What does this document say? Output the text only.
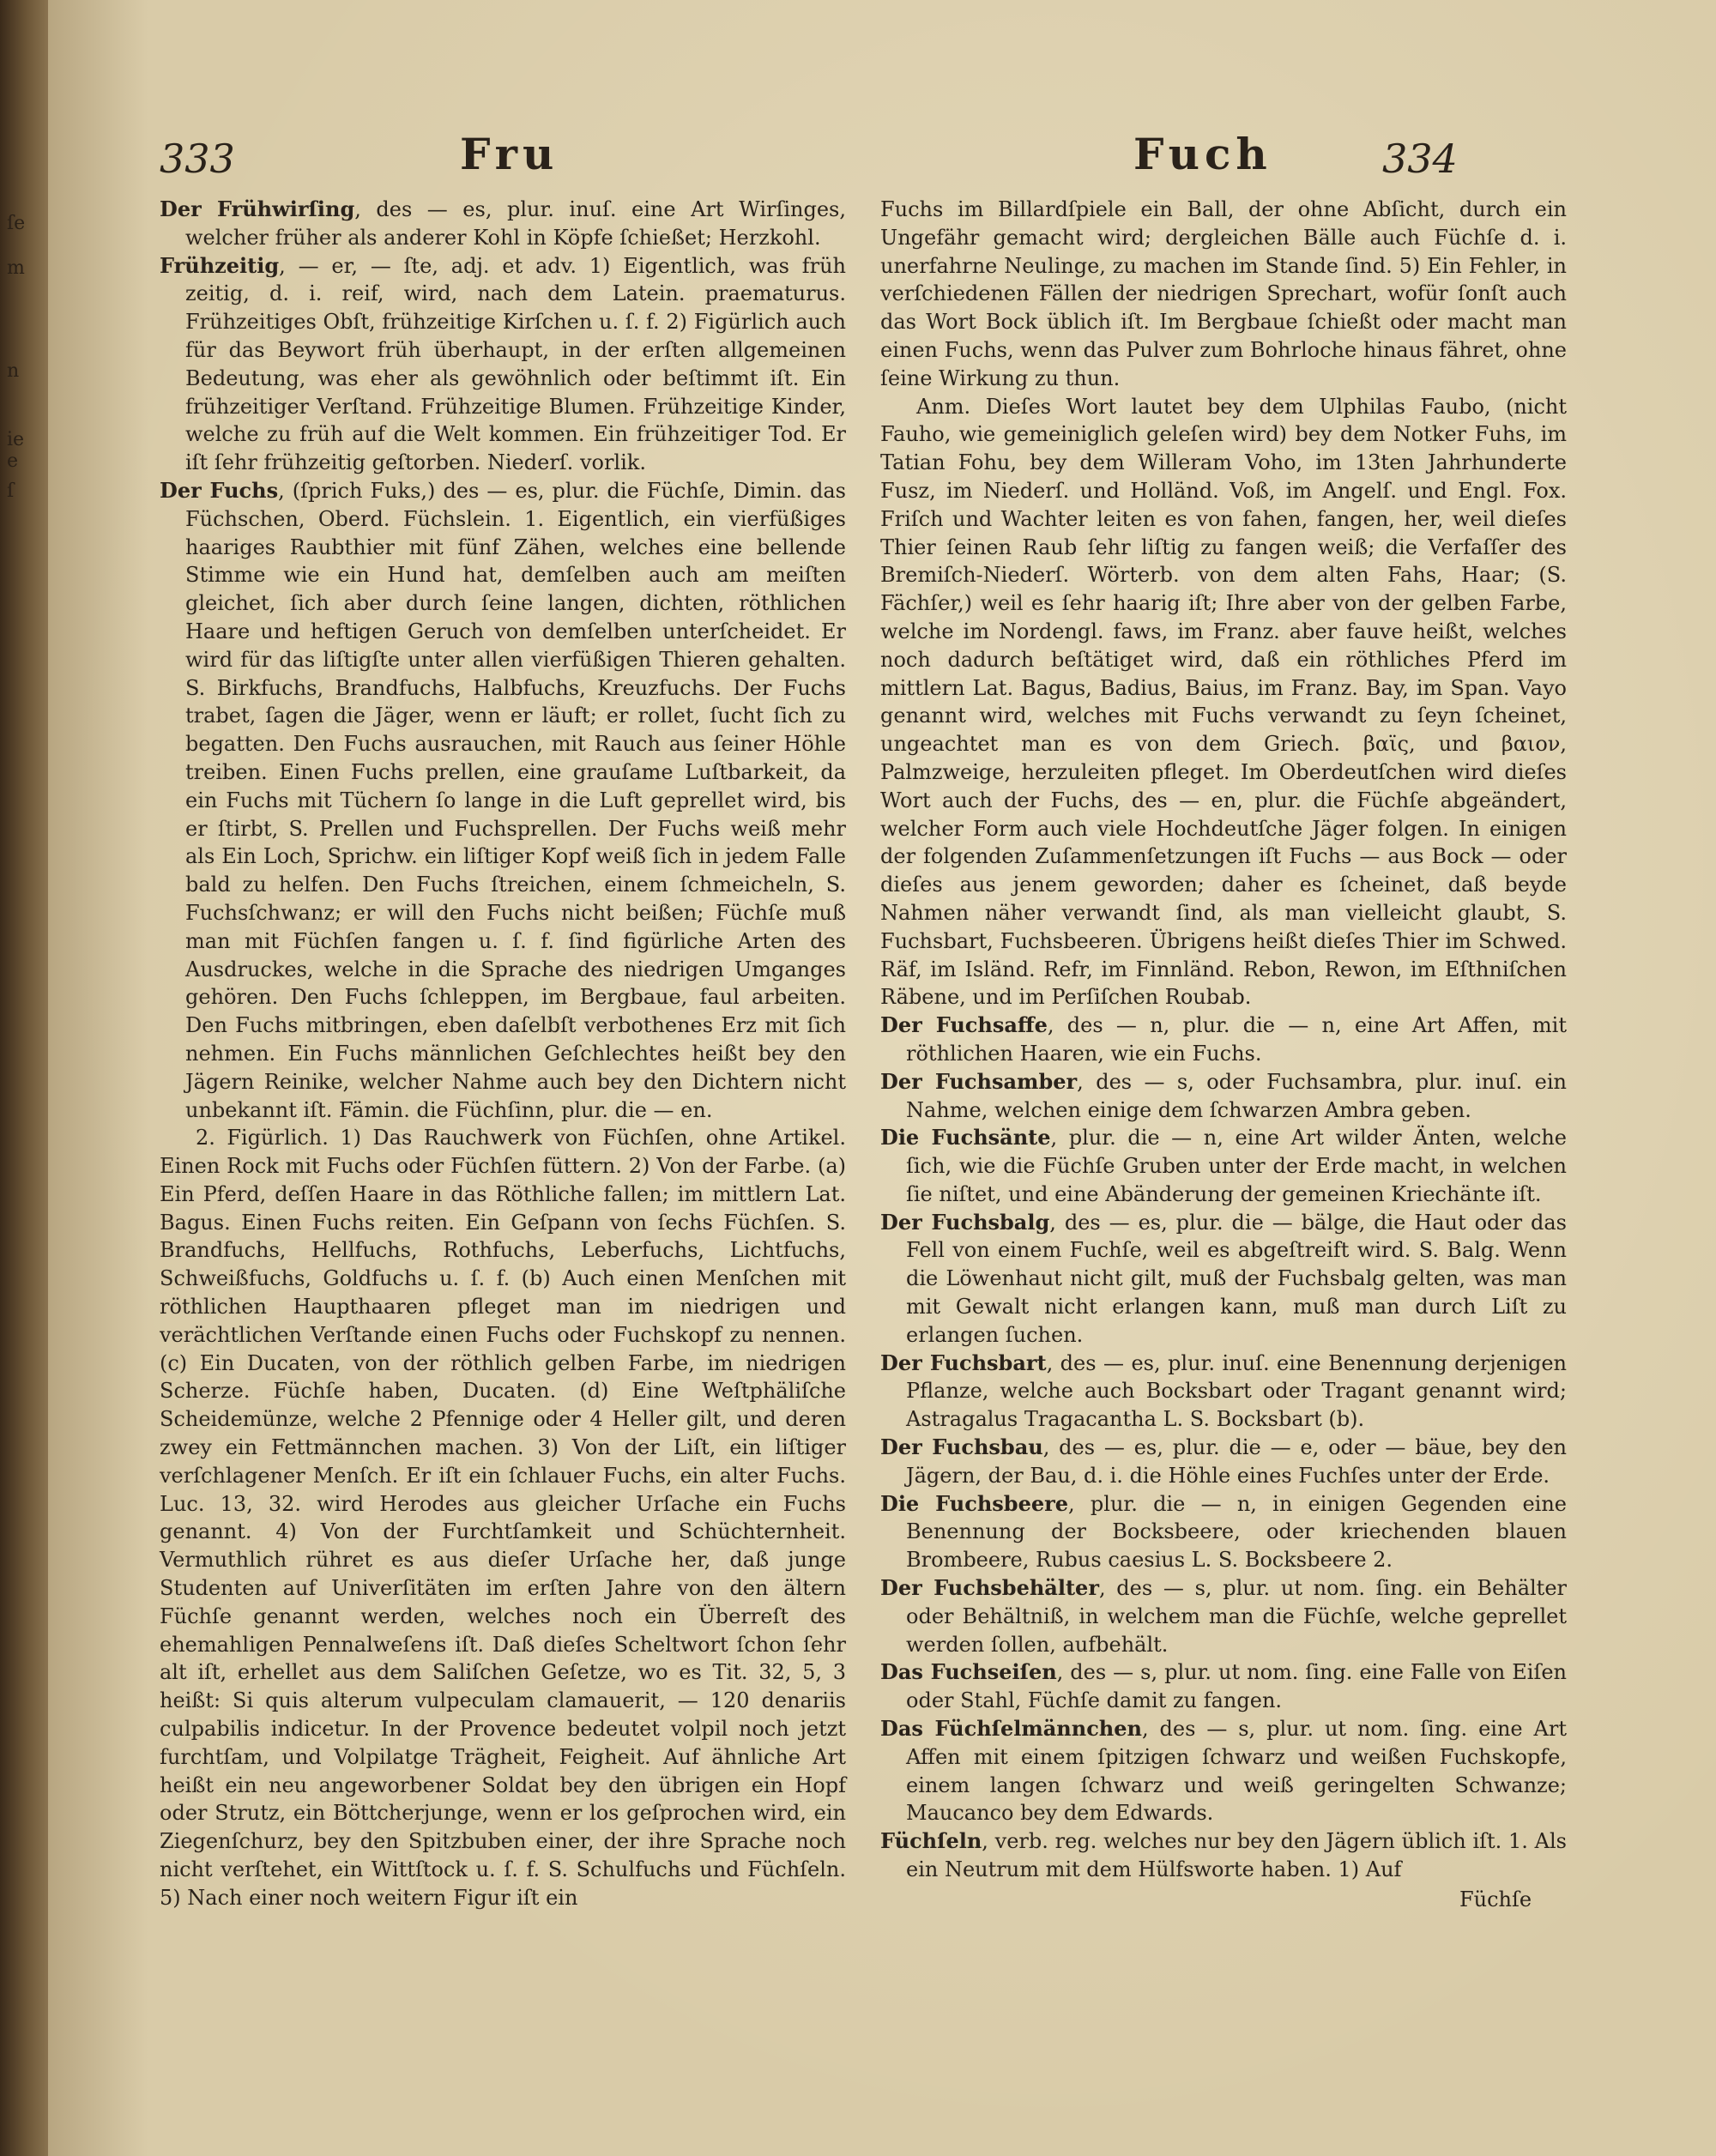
ſe
m
n
ie
e
ſ
333	Fru	Fuch	334

Der Frühwirſing, des — es, plur. inuſ. eine Art Wirſinges, welcher früher als anderer Kohl in Köpfe ſchießet; Herzkohl.

Frühzeitig, — er, — ſte, adj. et adv. 1) Eigentlich, was früh zeitig, d. i. reif, wird, nach dem Latein. praematurus. Frühzeitiges Obſt, frühzeitige Kirſchen u. ſ. f. 2) Figürlich auch für das Beywort früh überhaupt, in der erſten allgemeinen Bedeutung, was eher als gewöhnlich oder beſtimmt iſt. Ein frühzeitiger Verſtand. Frühzeitige Blumen. Frühzeitige Kinder, welche zu früh auf die Welt kommen. Ein frühzeitiger Tod. Er iſt ſehr frühzeitig geſtorben. Niederſ. vorlik.

Der Fuchs, (ſprich Fuks,) des — es, plur. die Füchſe, Dimin. das Füchschen, Oberd. Füchslein. 1. Eigentlich, ein vierfüßiges haariges Raubthier mit fünf Zähen, welches eine bellende Stimme wie ein Hund hat, demſelben auch am meiſten gleichet, ſich aber durch ſeine langen, dichten, röthlichen Haare und heftigen Geruch von demſelben unterſcheidet. Er wird für das liſtigſte unter allen vierfüßigen Thieren gehalten. S. Birkfuchs, Brandfuchs, Halbfuchs, Kreuzfuchs. Der Fuchs trabet, ſagen die Jäger, wenn er läuft; er rollet, ſucht ſich zu begatten. Den Fuchs ausrauchen, mit Rauch aus ſeiner Höhle treiben. Einen Fuchs prellen, eine grauſame Luſtbarkeit, da ein Fuchs mit Tüchern ſo lange in die Luft geprellet wird, bis er ſtirbt, S. Prellen und Fuchsprellen. Der Fuchs weiß mehr als Ein Loch, Sprichw. ein liſtiger Kopf weiß ſich in jedem Falle bald zu helfen. Den Fuchs ſtreichen, einem ſchmeicheln, S. Fuchsſchwanz; er will den Fuchs nicht beißen; Füchſe muß man mit Füchſen fangen u. ſ. f. ſind figürliche Arten des Ausdruckes, welche in die Sprache des niedrigen Umganges gehören. Den Fuchs ſchleppen, im Bergbaue, faul arbeiten. Den Fuchs mitbringen, eben daſelbſt verbothenes Erz mit ſich nehmen. Ein Fuchs männlichen Geſchlechtes heißt bey den Jägern Reinike, welcher Nahme auch bey den Dichtern nicht unbekannt iſt. Fämin. die Füchſinn, plur. die — en.

2. Figürlich. 1) Das Rauchwerk von Füchſen, ohne Artikel. Einen Rock mit Fuchs oder Füchſen füttern. 2) Von der Farbe. (a) Ein Pferd, deſſen Haare in das Röthliche fallen; im mittlern Lat. Bagus. Einen Fuchs reiten. Ein Geſpann von ſechs Füchſen. S. Brandfuchs, Hellfuchs, Rothfuchs, Leberfuchs, Lichtfuchs, Schweißfuchs, Goldfuchs u. ſ. f. (b) Auch einen Menſchen mit röthlichen Haupthaaren pfleget man im niedrigen und verächtlichen Verſtande einen Fuchs oder Fuchskopf zu nennen. (c) Ein Ducaten, von der röthlich gelben Farbe, im niedrigen Scherze. Füchſe haben, Ducaten. (d) Eine Weſtphäliſche Scheidemünze, welche 2 Pfennige oder 4 Heller gilt, und deren zwey ein Fettmännchen machen. 3) Von der Liſt, ein liſtiger verſchlagener Menſch. Er iſt ein ſchlauer Fuchs, ein alter Fuchs. Luc. 13, 32. wird Herodes aus gleicher Urſache ein Fuchs genannt. 4) Von der Furchtſamkeit und Schüchternheit. Vermuthlich rühret es aus dieſer Urſache her, daß junge Studenten auf Univerſitäten im erſten Jahre von den ältern Füchſe genannt werden, welches noch ein Überreſt des ehemahligen Pennalweſens iſt. Daß dieſes Scheltwort ſchon ſehr alt iſt, erhellet aus dem Saliſchen Geſetze, wo es Tit. 32, 5, 3 heißt: Si quis alterum vulpeculam clamauerit, — 120 denariis culpabilis indicetur. In der Provence bedeutet volpil noch jetzt furchtſam, und Volpilatge Trägheit, Feigheit. Auf ähnliche Art heißt ein neu angeworbener Soldat bey den übrigen ein Hopf oder Strutz, ein Böttcherjunge, wenn er los geſprochen wird, ein Ziegenſchurz, bey den Spitzbuben einer, der ihre Sprache noch nicht verſtehet, ein Wittſtock u. ſ. f. S. Schulfuchs und Füchſeln. 5) Nach einer noch weitern Figur iſt ein

Fuchs im Billardſpiele ein Ball, der ohne Abſicht, durch ein Ungefähr gemacht wird; dergleichen Bälle auch Füchſe d. i. unerfahrne Neulinge, zu machen im Stande ſind. 5) Ein Fehler, in verſchiedenen Fällen der niedrigen Sprechart, wofür ſonſt auch das Wort Bock üblich iſt. Im Bergbaue ſchießt oder macht man einen Fuchs, wenn das Pulver zum Bohrloche hinaus fähret, ohne ſeine Wirkung zu thun.

Anm. Dieſes Wort lautet bey dem Ulphilas Faubo, (nicht Fauho, wie gemeiniglich geleſen wird) bey dem Notker Fuhs, im Tatian Fohu, bey dem Willeram Voho, im 13ten Jahrhunderte Fusz, im Niederſ. und Holländ. Voß, im Angelſ. und Engl. Fox. Friſch und Wachter leiten es von fahen, fangen, her, weil dieſes Thier ſeinen Raub ſehr liſtig zu fangen weiß; die Verfaſſer des Bremiſch-Niederſ. Wörterb. von dem alten Fahs, Haar; (S. Fächſer,) weil es ſehr haarig iſt; Ihre aber von der gelben Farbe, welche im Nordengl. faws, im Franz. aber fauve heißt, welches noch dadurch beſtätiget wird, daß ein röthliches Pferd im mittlern Lat. Bagus, Badius, Baius, im Franz. Bay, im Span. Vayo genannt wird, welches mit Fuchs verwandt zu ſeyn ſcheinet, ungeachtet man es von dem Griech. βαϊς, und βαιον, Palmzweige, herzuleiten pfleget. Im Oberdeutſchen wird dieſes Wort auch der Fuchs, des — en, plur. die Füchſe abgeändert, welcher Form auch viele Hochdeutſche Jäger folgen. In einigen der folgenden Zuſammenſetzungen iſt Fuchs — aus Bock — oder dieſes aus jenem geworden; daher es ſcheinet, daß beyde Nahmen näher verwandt ſind, als man vielleicht glaubt, S. Fuchsbart, Fuchsbeeren. Übrigens heißt dieſes Thier im Schwed. Räf, im Isländ. Refr, im Finnländ. Rebon, Rewon, im Eſthniſchen Räbene, und im Perſiſchen Roubab.

Der Fuchsaffe, des — n, plur. die — n, eine Art Affen, mit röthlichen Haaren, wie ein Fuchs.

Der Fuchsamber, des — s, oder Fuchsambra, plur. inuſ. ein Nahme, welchen einige dem ſchwarzen Ambra geben.

Die Fuchsänte, plur. die — n, eine Art wilder Änten, welche ſich, wie die Füchſe Gruben unter der Erde macht, in welchen ſie niſtet, und eine Abänderung der gemeinen Kriechänte iſt.

Der Fuchsbalg, des — es, plur. die — bälge, die Haut oder das Fell von einem Fuchſe, weil es abgeſtreift wird. S. Balg. Wenn die Löwenhaut nicht gilt, muß der Fuchsbalg gelten, was man mit Gewalt nicht erlangen kann, muß man durch Liſt zu erlangen ſuchen.

Der Fuchsbart, des — es, plur. inuſ. eine Benennung derjenigen Pflanze, welche auch Bocksbart oder Tragant genannt wird; Astragalus Tragacantha L. S. Bocksbart (b).

Der Fuchsbau, des — es, plur. die — e, oder — bäue, bey den Jägern, der Bau, d. i. die Höhle eines Fuchſes unter der Erde.

Die Fuchsbeere, plur. die — n, in einigen Gegenden eine Benennung der Bocksbeere, oder kriechenden blauen Brombeere, Rubus caesius L. S. Bocksbeere 2.

Der Fuchsbehälter, des — s, plur. ut nom. ſing. ein Behälter oder Behältniß, in welchem man die Füchſe, welche geprellet werden ſollen, aufbehält.

Das Fuchseiſen, des — s, plur. ut nom. ſing. eine Falle von Eiſen oder Stahl, Füchſe damit zu fangen.

Das Füchſelmännchen, des — s, plur. ut nom. ſing. eine Art Affen mit einem ſpitzigen ſchwarz und weißen Fuchskopfe, einem langen ſchwarz und weiß geringelten Schwanze; Maucanco bey dem Edwards.

Füchſeln, verb. reg. welches nur bey den Jägern üblich iſt. 1. Als ein Neutrum mit dem Hülfsworte haben. 1) Auf

Füchſe
